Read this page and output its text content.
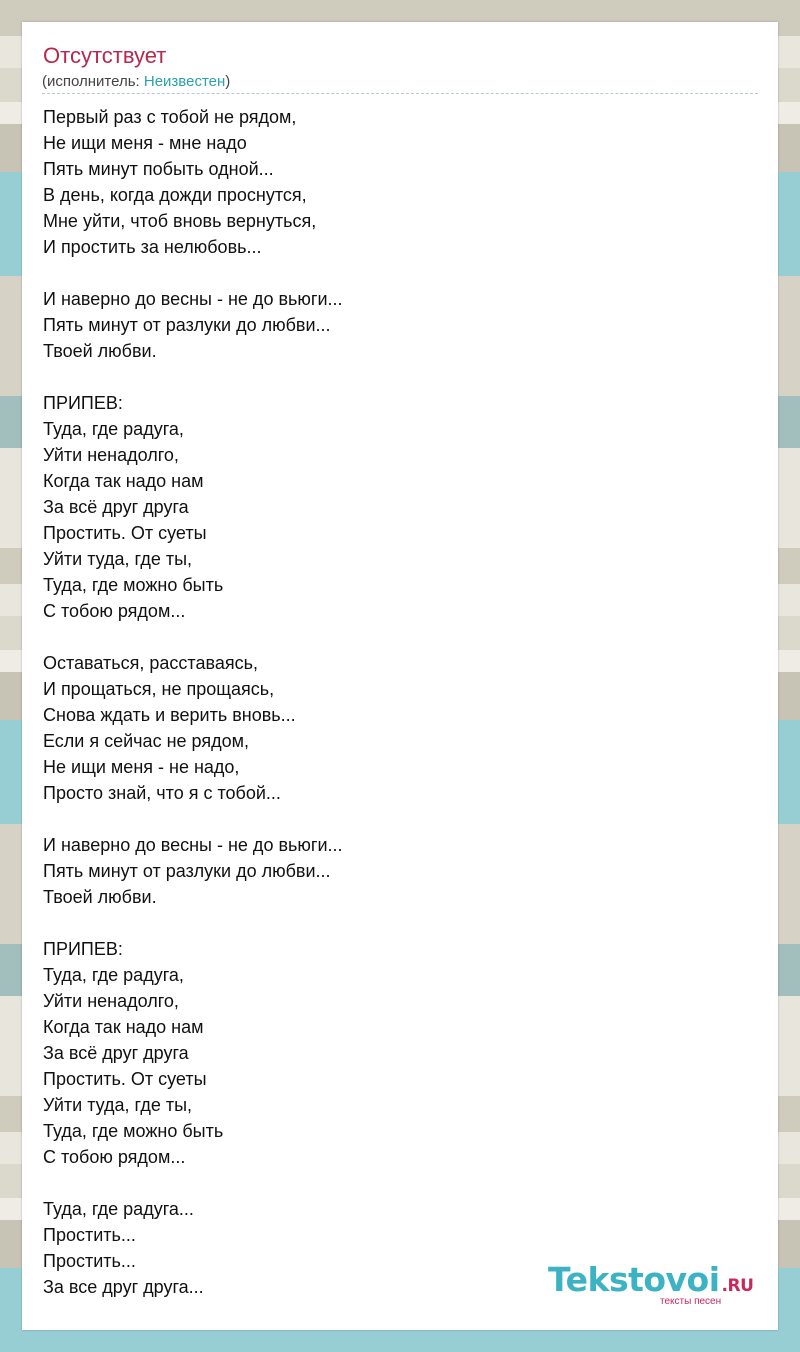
Отсутствует
(исполнитель: Неизвестен)
Первый раз с тобой не рядом,
Не ищи меня - мне надо
Пять минут побыть одной...
В день, когда дожди проснутся,
Мне уйти, чтоб вновь вернуться,
И простить за нелюбовь...

И наверно до весны - не до вьюги...
Пять минут от разлуки до любви...
Твоей любви.

ПРИПЕВ:
Туда, где радуга,
Уйти ненадолго,
Когда так надо нам
За всё друг друга
Простить. От суеты
Уйти туда, где ты,
Туда, где можно быть
С тобою рядом...

Оставаться, расставаясь,
И прощаться, не прощаясь,
Снова ждать и верить вновь...
Если я сейчас не рядом,
Не ищи меня - не надо,
Просто знай, что я с тобой...

И наверно до весны - не до вьюги...
Пять минут от разлуки до любви...
Твоей любви.

ПРИПЕВ:
Туда, где радуга,
Уйти ненадолго,
Когда так надо нам
За всё друг друга
Простить. От суеты
Уйти туда, где ты,
Туда, где можно быть
С тобою рядом...

Туда, где радуга...
Простить...
Простить...
За все друг друга...	Tekstovoi .RU
тексты песен
